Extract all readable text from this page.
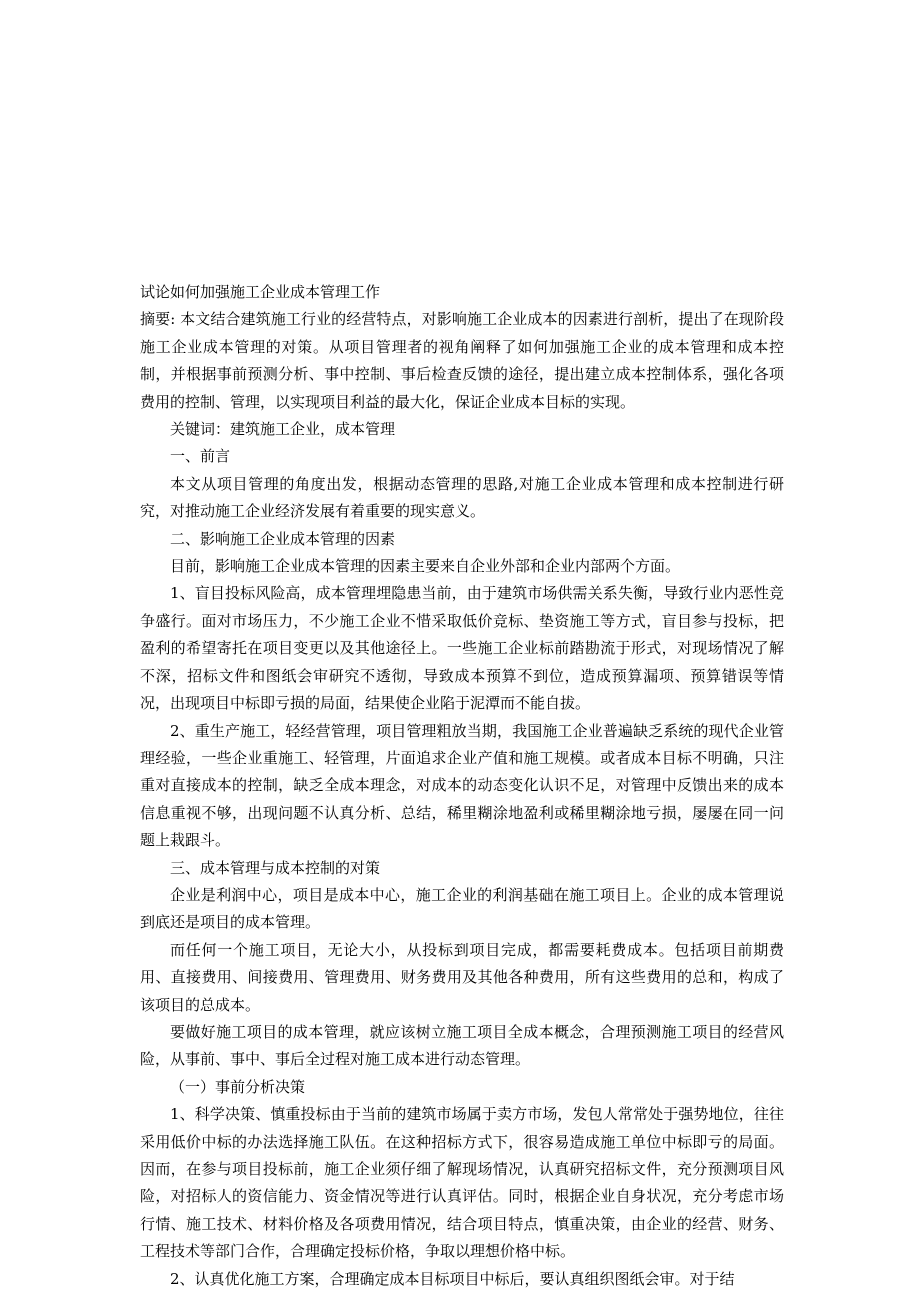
试论如何加强施工企业成本管理工作

摘要: 本文结合建筑施工行业的经营特点，对影响施工企业成本的因素进行剖析，提出了在现阶段施工企业成本管理的对策。从项目管理者的视角阐释了如何加强施工企业的成本管理和成本控制，并根据事前预测分析、事中控制、事后检查反馈的途径，提出建立成本控制体系，强化各项费用的控制、管理，以实现项目利益的最大化，保证企业成本目标的实现。

关键词：建筑施工企业，成本管理

一、前言

本文从项目管理的角度出发，根据动态管理的思路,对施工企业成本管理和成本控制进行研究，对推动施工企业经济发展有着重要的现实意义。

二、影响施工企业成本管理的因素

目前，影响施工企业成本管理的因素主要来自企业外部和企业内部两个方面。

1、盲目投标风险高，成本管理埋隐患当前，由于建筑市场供需关系失衡，导致行业内恶性竞争盛行。面对市场压力，不少施工企业不惜采取低价竞标、垫资施工等方式，盲目参与投标，把盈利的希望寄托在项目变更以及其他途径上。一些施工企业标前踏勘流于形式，对现场情况了解不深，招标文件和图纸会审研究不透彻，导致成本预算不到位，造成预算漏项、预算错误等情况，出现项目中标即亏损的局面，结果使企业陷于泥潭而不能自拔。

2、重生产施工，轻经营管理，项目管理粗放当期，我国施工企业普遍缺乏系统的现代企业管理经验，一些企业重施工、轻管理，片面追求企业产值和施工规模。或者成本目标不明确，只注重对直接成本的控制，缺乏全成本理念，对成本的动态变化认识不足，对管理中反馈出来的成本信息重视不够，出现问题不认真分析、总结，稀里糊涂地盈利或稀里糊涂地亏损，屡屡在同一问题上栽跟斗。

三、成本管理与成本控制的对策

企业是利润中心，项目是成本中心，施工企业的利润基础在施工项目上。企业的成本管理说到底还是项目的成本管理。

而任何一个施工项目，无论大小，从投标到项目完成，都需要耗费成本。包括项目前期费用、直接费用、间接费用、管理费用、财务费用及其他各种费用，所有这些费用的总和，构成了该项目的总成本。

要做好施工项目的成本管理，就应该树立施工项目全成本概念，合理预测施工项目的经营风险，从事前、事中、事后全过程对施工成本进行动态管理。

（一）事前分析决策

1、科学决策、慎重投标由于当前的建筑市场属于卖方市场，发包人常常处于强势地位，往往采用低价中标的办法选择施工队伍。在这种招标方式下，很容易造成施工单位中标即亏的局面。因而，在参与项目投标前，施工企业须仔细了解现场情况，认真研究招标文件，充分预测项目风险，对招标人的资信能力、资金情况等进行认真评估。同时，根据企业自身状况，充分考虑市场行情、施工技术、材料价格及各项费用情况，结合项目特点，慎重决策，由企业的经营、财务、工程技术等部门合作，合理确定投标价格，争取以理想价格中标。

2、认真优化施工方案，合理确定成本目标项目中标后，要认真组织图纸会审。对于结
